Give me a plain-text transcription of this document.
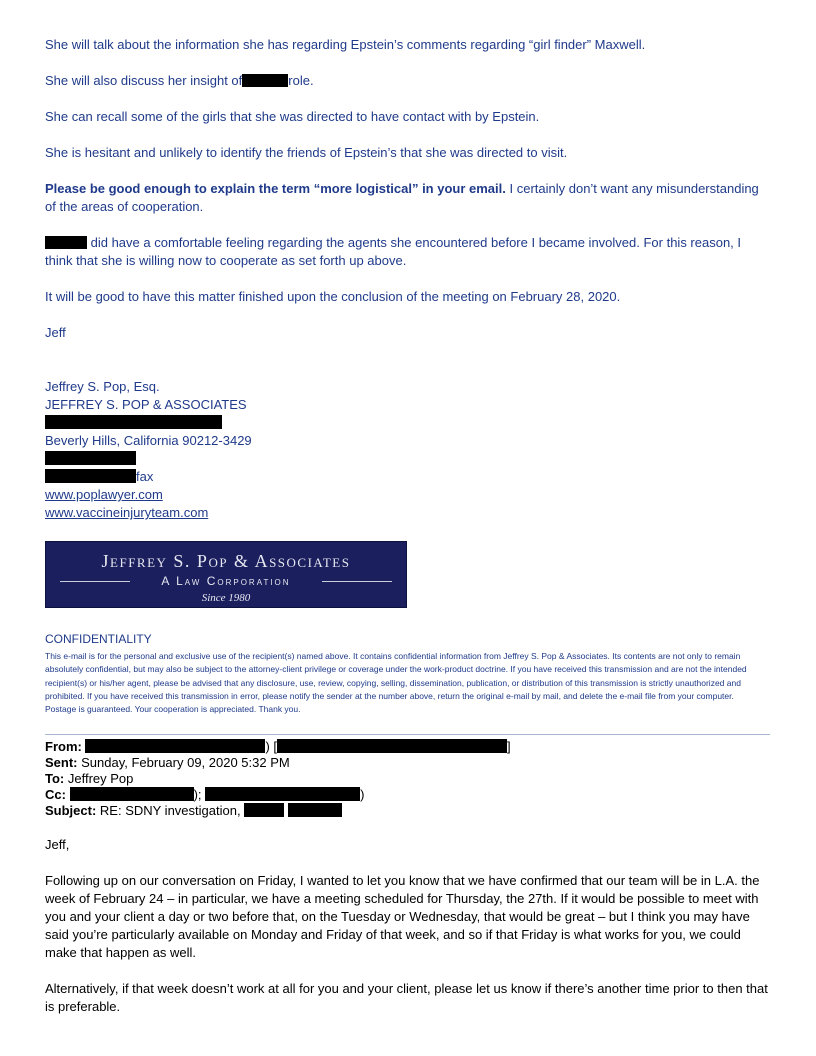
She will talk about the information she has regarding Epstein’s comments regarding “girl finder” Maxwell.
She will also discuss her insight of	role.
She can recall some of the girls that she was directed to have contact with by Epstein.
She is hesitant and unlikely to identify the friends of Epstein’s that she was directed to visit.
Please be good enough to explain the term “more logistical” in your email. I certainly don’t want any misunderstanding of the areas of cooperation.
did have a comfortable feeling regarding the agents she encountered before I became involved. For this reason, I think that she is willing now to cooperate as set forth up above.
It will be good to have this matter finished upon the conclusion of the meeting on February 28, 2020.
Jeff
Jeffrey S. Pop, Esq.
JEFFREY S. POP & ASSOCIATES
Beverly Hills, California 90212-3429
fax
www.poplawyer.com
www.vaccineinjuryteam.com
Jeffrey S. Pop & Associates
A Law Corporation
Since 1980
CONFIDENTIALITY
This e-mail is for the personal and exclusive use of the recipient(s) named above. It contains confidential information from Jeffrey S. Pop & Associates. Its contents are not only to remain absolutely confidential, but may also be subject to the attorney-client privilege or coverage under the work-product doctrine. If you have received this transmission and are not the intended recipient(s) or his/her agent, please be advised that any disclosure, use, review, copying, selling, dissemination, publication, or distribution of this transmission is strictly unauthorized and prohibited. If you have received this transmission in error, please notify the sender at the number above, return the original e-mail by mail, and delete the e-mail file from your computer. Postage is guaranteed. Your cooperation is appreciated. Thank you.
From:	) [	]
Sent: Sunday, February 09, 2020 5:32 PM
To: Jeffrey Pop
Cc:	);	)
Subject: RE: SDNY investigation,
Jeff,
Following up on our conversation on Friday, I wanted to let you know that we have confirmed that our team will be in L.A. the week of February 24 – in particular, we have a meeting scheduled for Thursday, the 27th. If it would be possible to meet with you and your client a day or two before that, on the Tuesday or Wednesday, that would be great – but I think you may have said you’re particularly available on Monday and Friday of that week, and so if that Friday is what works for you, we could make that happen as well.
Alternatively, if that week doesn’t work at all for you and your client, please let us know if there’s another time prior to then that is preferable.
